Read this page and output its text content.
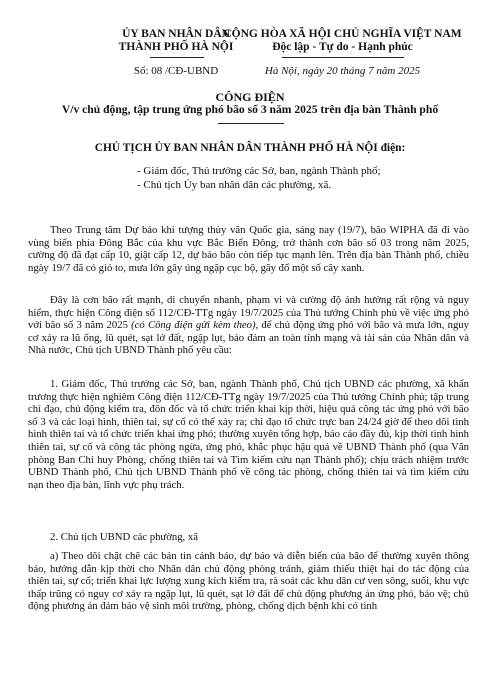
ỦY BAN NHÂN DÂN
THÀNH PHỐ HÀ NỘI
Số: 08 /CĐ-UBND
CỘNG HÒA XÃ HỘI CHỦ NGHĨA VIỆT NAM
Độc lập - Tự do - Hạnh phúc
Hà Nội, ngày 20 tháng 7 năm 2025
CÔNG ĐIỆN
V/v chủ động, tập trung ứng phó bão số 3 năm 2025 trên địa bàn Thành phố
CHỦ TỊCH ỦY BAN NHÂN DÂN THÀNH PHỐ HÀ NỘI điện:
- Giám đốc, Thủ trưởng các Sở, ban, ngành Thành phố;
- Chủ tịch Ủy ban nhân dân các phường, xã.
Theo Trung tâm Dự báo khí tượng thủy văn Quốc gia, sáng nay (19/7), bão WIPHA đã đi vào vùng biển phía Đông Bắc của khu vực Bắc Biển Đông, trở thành cơn bão số 03 trong năm 2025, cường độ đã đạt cấp 10, giật cấp 12, dự báo bão còn tiếp tục mạnh lên. Trên địa bàn Thành phố, chiều ngày 19/7 đã có gió to, mưa lớn gây úng ngập cục bộ, gãy đổ một số cây xanh.
Đây là cơn bão rất mạnh, di chuyển nhanh, phạm vi và cường độ ảnh hưởng rất rộng và nguy hiểm, thực hiện Công điện số 112/CĐ-TTg ngày 19/7/2025 của Thủ tướng Chính phủ về việc ứng phó với bão số 3 năm 2025 (có Công điện gửi kèm theo), để chủ động ứng phó với bão và mưa lớn, nguy cơ xảy ra lũ ống, lũ quét, sạt lở đất, ngập lụt, bảo đảm an toàn tính mạng và tài sản của Nhân dân và Nhà nước, Chủ tịch UBND Thành phố yêu cầu:
1. Giám đốc, Thủ trưởng các Sở, ban, ngành Thành phố, Chủ tịch UBND các phường, xã khẩn trương thực hiện nghiêm Công điện 112/CĐ-TTg ngày 19/7/2025 của Thủ tướng Chính phủ; tập trung chỉ đạo, chủ động kiểm tra, đôn đốc và tổ chức triển khai kịp thời, hiệu quả công tác ứng phó với bão số 3 và các loại hình, thiên tai, sự cố có thể xảy ra; chỉ đạo tổ chức trực ban 24/24 giờ để theo dõi tình hình thiên tai và tổ chức triển khai ứng phó; thường xuyên tổng hợp, báo cáo đầy đủ, kịp thời tình hình thiên tai, sự cố và công tác phòng ngừa, ứng phó, khắc phục hậu quả về UBND Thành phố (qua Văn phòng Ban Chỉ huy Phòng, chống thiên tai và Tìm kiếm cứu nạn Thành phố); chịu trách nhiệm trước UBND Thành phố, Chủ tịch UBND Thành phố về công tác phòng, chống thiên tai và tìm kiếm cứu nạn theo địa bàn, lĩnh vực phụ trách.
2. Chủ tịch UBND các phường, xã
a) Theo dõi chặt chẽ các bản tin cảnh báo, dự báo và diễn biến của bão để thường xuyên thông báo, hướng dẫn kịp thời cho Nhân dân chủ động phòng tránh, giảm thiểu thiệt hại do tác động của thiên tai, sự cố; triển khai lực lượng xung kích kiểm tra, rà soát các khu dân cư ven sông, suối, khu vực thấp trũng có nguy cơ xảy ra ngập lụt, lũ quét, sạt lở đất để chủ động phương án ứng phó, bảo vệ; chủ động phương án đảm bảo vệ sinh môi trường, phòng, chống dịch bệnh khi có tình
